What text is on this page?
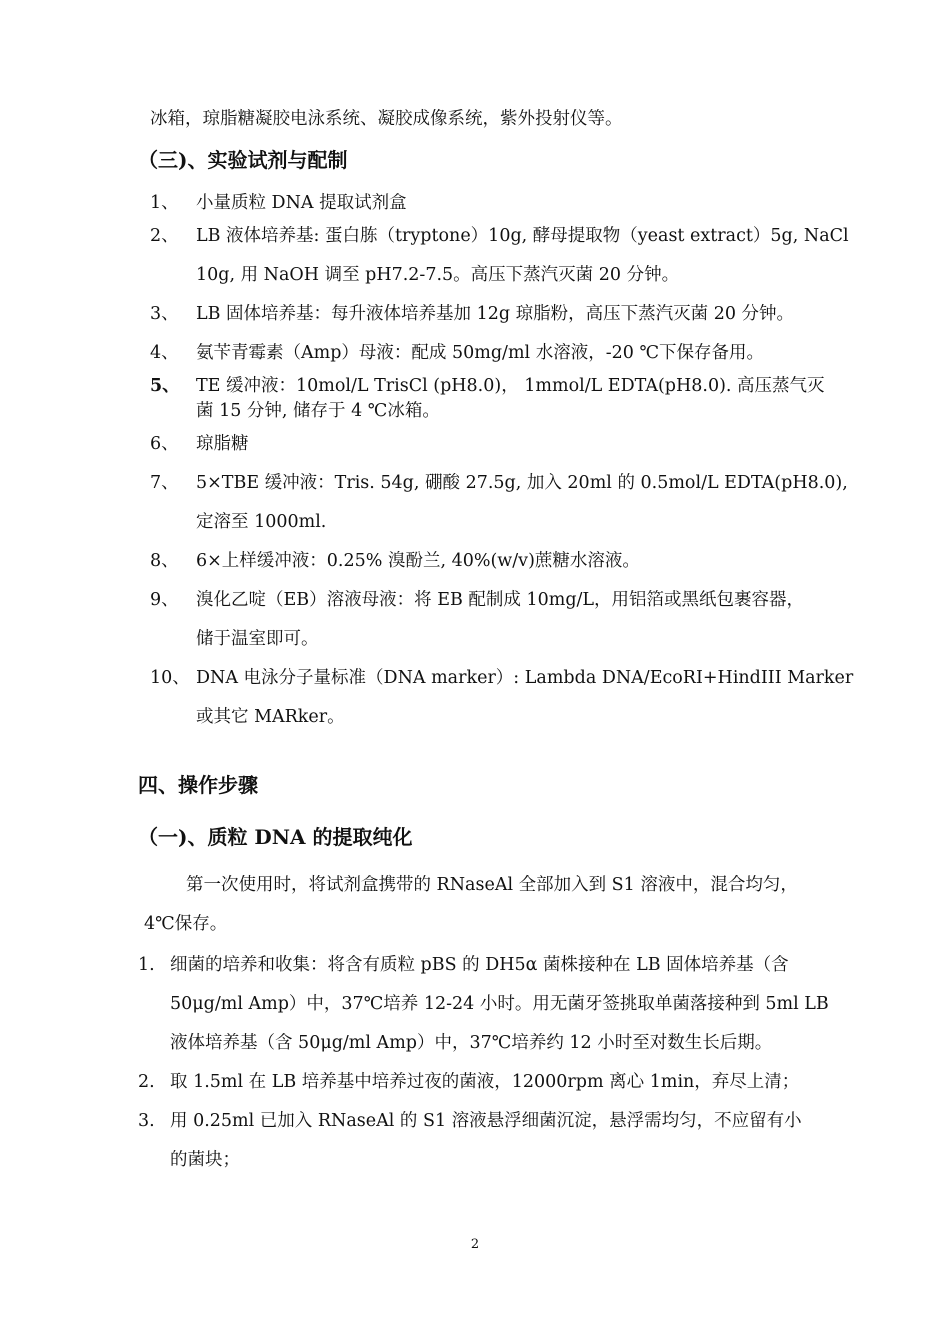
冰箱，琼脂糖凝胶电泳系统、凝胶成像系统，紫外投射仪等。
（三)、实验试剂与配制
1、 小量质粒 DNA 提取试剂盒
2、 LB 液体培养基: 蛋白胨（tryptone）10g, 酵母提取物（yeast extract）5g, NaCl
10g, 用 NaOH 调至 pH7.2-7.5。高压下蒸汽灭菌 20 分钟。
3、 LB 固体培养基：每升液体培养基加 12g 琼脂粉，高压下蒸汽灭菌 20 分钟。
4、 氨苄青霉素（Amp）母液：配成 50mg/ml 水溶液，-20 ℃下保存备用。
5、 TE 缓冲液：10mol/L TrisCl (pH8.0)， 1mmol/L EDTA(pH8.0). 高压蒸气灭
菌 15 分钟, 储存于 4 ℃冰箱。
6、 琼脂糖
7、 5×TBE 缓冲液：Tris. 54g, 硼酸 27.5g, 加入 20ml 的 0.5mol/L EDTA(pH8.0),
定溶至 1000ml.
8、 6×上样缓冲液：0.25% 溴酚兰, 40%(w/v)蔗糖水溶液。
9、 溴化乙啶（EB）溶液母液：将 EB 配制成 10mg/L，用铝箔或黑纸包裹容器，
储于温室即可。
10、 DNA 电泳分子量标准（DNA marker）: Lambda DNA/EcoRI+HindIII Marker
或其它 MARker。
四、操作步骤
（一)、质粒 DNA 的提取纯化
第一次使用时，将试剂盒携带的 RNaseAl 全部加入到 S1 溶液中，混合均匀，
4℃保存。
1. 细菌的培养和收集：将含有质粒 pBS 的 DH5α 菌株接种在 LB 固体培养基（含
50μg/ml Amp）中，37℃培养 12-24 小时。用无菌牙签挑取单菌落接种到 5ml LB
液体培养基（含 50μg/ml Amp）中，37℃培养约 12 小时至对数生长后期。
2. 取 1.5ml 在 LB 培养基中培养过夜的菌液，12000rpm 离心 1min，弃尽上清；
3. 用 0.25ml 已加入 RNaseAl 的 S1 溶液悬浮细菌沉淀，悬浮需均匀，不应留有小
的菌块；
2
